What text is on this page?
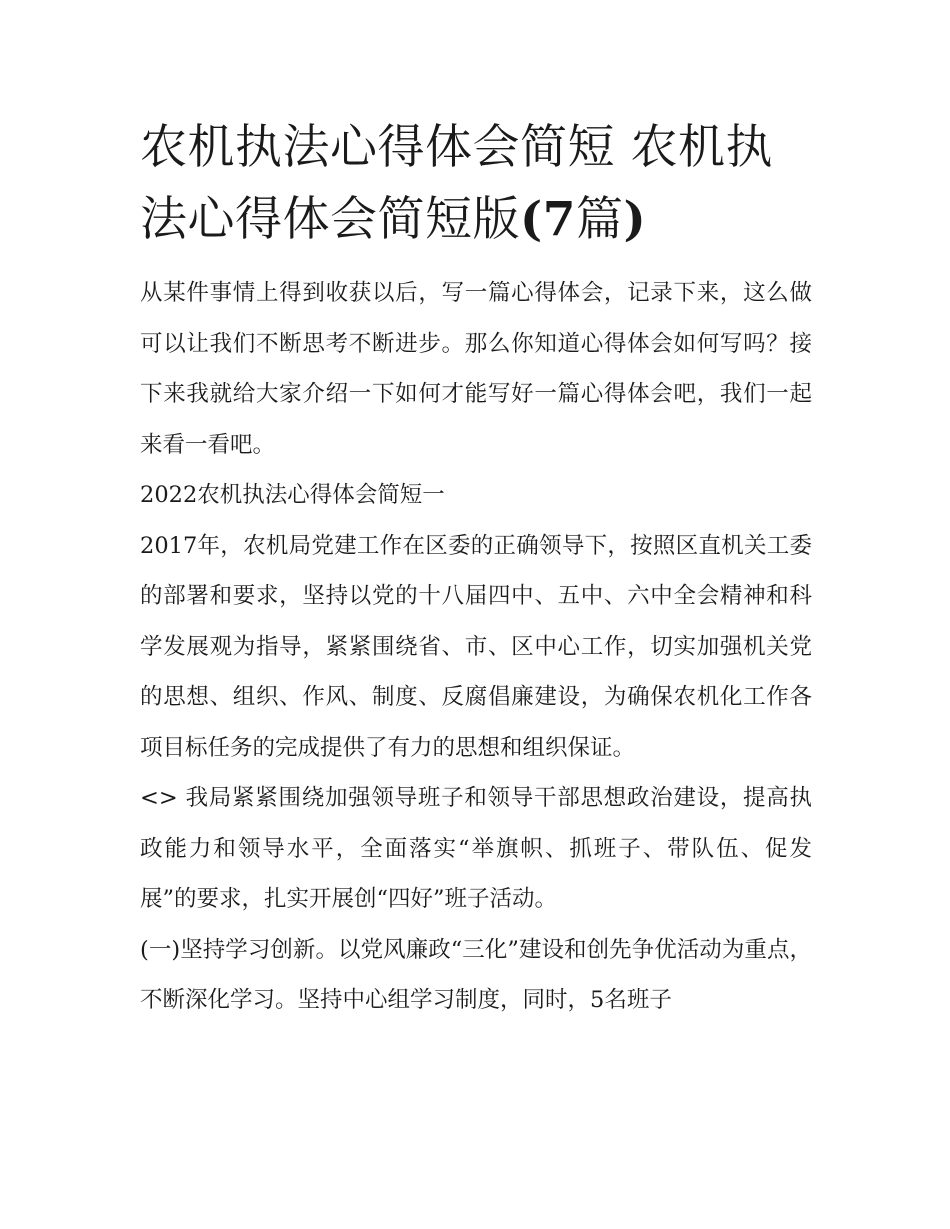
农机执法心得体会简短 农机执法心得体会简短版(7篇)

从某件事情上得到收获以后，写一篇心得体会，记录下来，这么做可以让我们不断思考不断进步。那么你知道心得体会如何写吗？接下来我就给大家介绍一下如何才能写好一篇心得体会吧，我们一起来看一看吧。

2022农机执法心得体会简短一

2017年，农机局党建工作在区委的正确领导下，按照区直机关工委的部署和要求，坚持以党的十八届四中、五中、六中全会精神和科学发展观为指导，紧紧围绕省、市、区中心工作，切实加强机关党的思想、组织、作风、制度、反腐倡廉建设，为确保农机化工作各项目标任务的完成提供了有力的思想和组织保证。

<> 我局紧紧围绕加强领导班子和领导干部思想政治建设，提高执政能力和领导水平，全面落实“举旗帜、抓班子、带队伍、促发展”的要求，扎实开展创“四好”班子活动。

(一)坚持学习创新。以党风廉政“三化”建设和创先争优活动为重点，不断深化学习。坚持中心组学习制度，同时，5名班子
